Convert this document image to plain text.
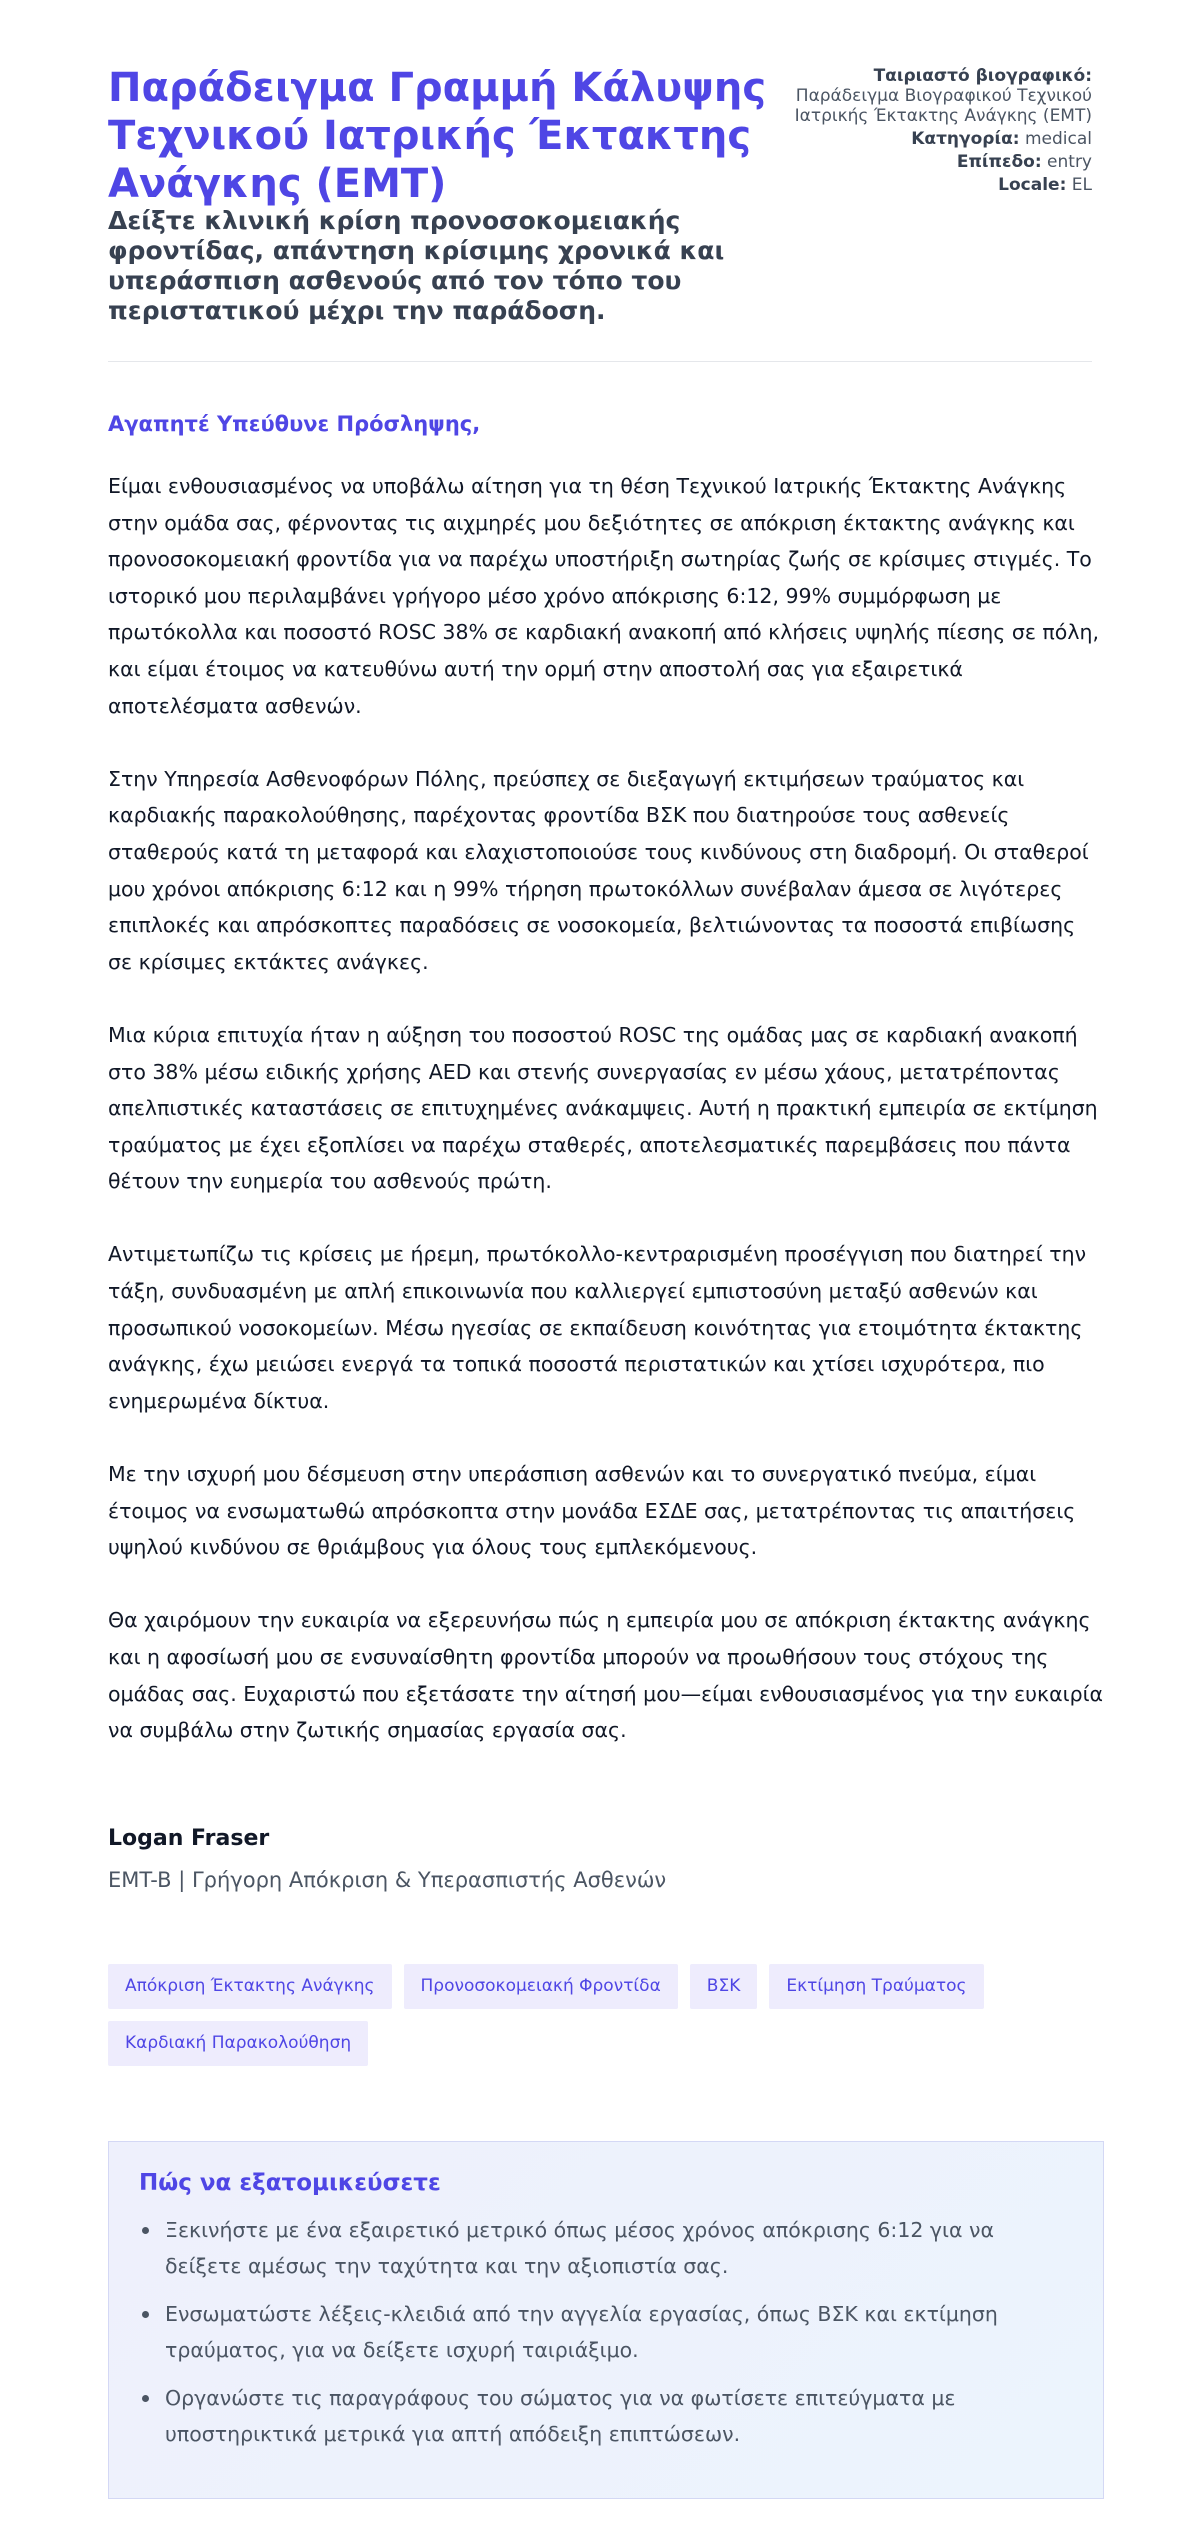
Παράδειγμα Γραμμή Κάλυψης Τεχνικού Ιατρικής Έκτακτης Ανάγκης (EMT)
Δείξτε κλινική κρίση προνοσοκομειακής φροντίδας, απάντηση κρίσιμης χρονικά και υπεράσπιση ασθενούς από τον τόπο του περιστατικού μέχρι την παράδοση.
Ταιριαστό βιογραφικό:
Παράδειγμα Βιογραφικού Τεχνικού Ιατρικής Έκτακτης Ανάγκης (EMT)
Κατηγορία: medical
Επίπεδο: entry
Locale: EL
Αγαπητέ Υπεύθυνε Πρόσληψης,

Είμαι ενθουσιασμένος να υποβάλω αίτηση για τη θέση Τεχνικού Ιατρικής Έκτακτης Ανάγκης στην ομάδα σας, φέρνοντας τις αιχμηρές μου δεξιότητες σε απόκριση έκτακτης ανάγκης και προνοσοκομειακή φροντίδα για να παρέχω υποστήριξη σωτηρίας ζωής σε κρίσιμες στιγμές. Το ιστορικό μου περιλαμβάνει γρήγορο μέσο χρόνο απόκρισης 6:12, 99% συμμόρφωση με πρωτόκολλα και ποσοστό ROSC 38% σε καρδιακή ανακοπή από κλήσεις υψηλής πίεσης σε πόλη, και είμαι έτοιμος να κατευθύνω αυτή την ορμή στην αποστολή σας για εξαιρετικά αποτελέσματα ασθενών.

Στην Υπηρεσία Ασθενοφόρων Πόλης, πρεύσπεχ σε διεξαγωγή εκτιμήσεων τραύματος και καρδιακής παρακολούθησης, παρέχοντας φροντίδα ΒΣΚ που διατηρούσε τους ασθενείς σταθερούς κατά τη μεταφορά και ελαχιστοποιούσε τους κινδύνους στη διαδρομή. Οι σταθεροί μου χρόνοι απόκρισης 6:12 και η 99% τήρηση πρωτοκόλλων συνέβαλαν άμεσα σε λιγότερες επιπλοκές και απρόσκοπτες παραδόσεις σε νοσοκομεία, βελτιώνοντας τα ποσοστά επιβίωσης σε κρίσιμες εκτάκτες ανάγκες.

Μια κύρια επιτυχία ήταν η αύξηση του ποσοστού ROSC της ομάδας μας σε καρδιακή ανακοπή στο 38% μέσω ειδικής χρήσης AED και στενής συνεργασίας εν μέσω χάους, μετατρέποντας απελπιστικές καταστάσεις σε επιτυχημένες ανάκαμψεις. Αυτή η πρακτική εμπειρία σε εκτίμηση τραύματος με έχει εξοπλίσει να παρέχω σταθερές, αποτελεσματικές παρεμβάσεις που πάντα θέτουν την ευημερία του ασθενούς πρώτη.

Αντιμετωπίζω τις κρίσεις με ήρεμη, πρωτόκολλο-κεντραρισμένη προσέγγιση που διατηρεί την τάξη, συνδυασμένη με απλή επικοινωνία που καλλιεργεί εμπιστοσύνη μεταξύ ασθενών και προσωπικού νοσοκομείων. Μέσω ηγεσίας σε εκπαίδευση κοινότητας για ετοιμότητα έκτακτης ανάγκης, έχω μειώσει ενεργά τα τοπικά ποσοστά περιστατικών και χτίσει ισχυρότερα, πιο ενημερωμένα δίκτυα.

Με την ισχυρή μου δέσμευση στην υπεράσπιση ασθενών και το συνεργατικό πνεύμα, είμαι έτοιμος να ενσωματωθώ απρόσκοπτα στην μονάδα ΕΣΔΕ σας, μετατρέποντας τις απαιτήσεις υψηλού κινδύνου σε θριάμβους για όλους τους εμπλεκόμενους.

Θα χαιρόμουν την ευκαιρία να εξερευνήσω πώς η εμπειρία μου σε απόκριση έκτακτης ανάγκης και η αφοσίωσή μου σε ενσυναίσθητη φροντίδα μπορούν να προωθήσουν τους στόχους της ομάδας σας. Ευχαριστώ που εξετάσατε την αίτησή μου—είμαι ενθουσιασμένος για την ευκαιρία να συμβάλω στην ζωτικής σημασίας εργασία σας.

Logan Fraser
EMT-B | Γρήγορη Απόκριση & Υπερασπιστής Ασθενών
Απόκριση Έκτακτης Ανάγκης	Προνοσοκομειακή Φροντίδα	ΒΣΚ	Εκτίμηση Τραύματος
Καρδιακή Παρακολούθηση
Πώς να εξατομικεύσετε
Ξεκινήστε με ένα εξαιρετικό μετρικό όπως μέσος χρόνος απόκρισης 6:12 για να δείξετε αμέσως την ταχύτητα και την αξιοπιστία σας.
Ενσωματώστε λέξεις-κλειδιά από την αγγελία εργασίας, όπως ΒΣΚ και εκτίμηση τραύματος, για να δείξετε ισχυρή ταιριάξιμο.
Οργανώστε τις παραγράφους του σώματος για να φωτίσετε επιτεύγματα με υποστηρικτικά μετρικά για απτή απόδειξη επιπτώσεων.
